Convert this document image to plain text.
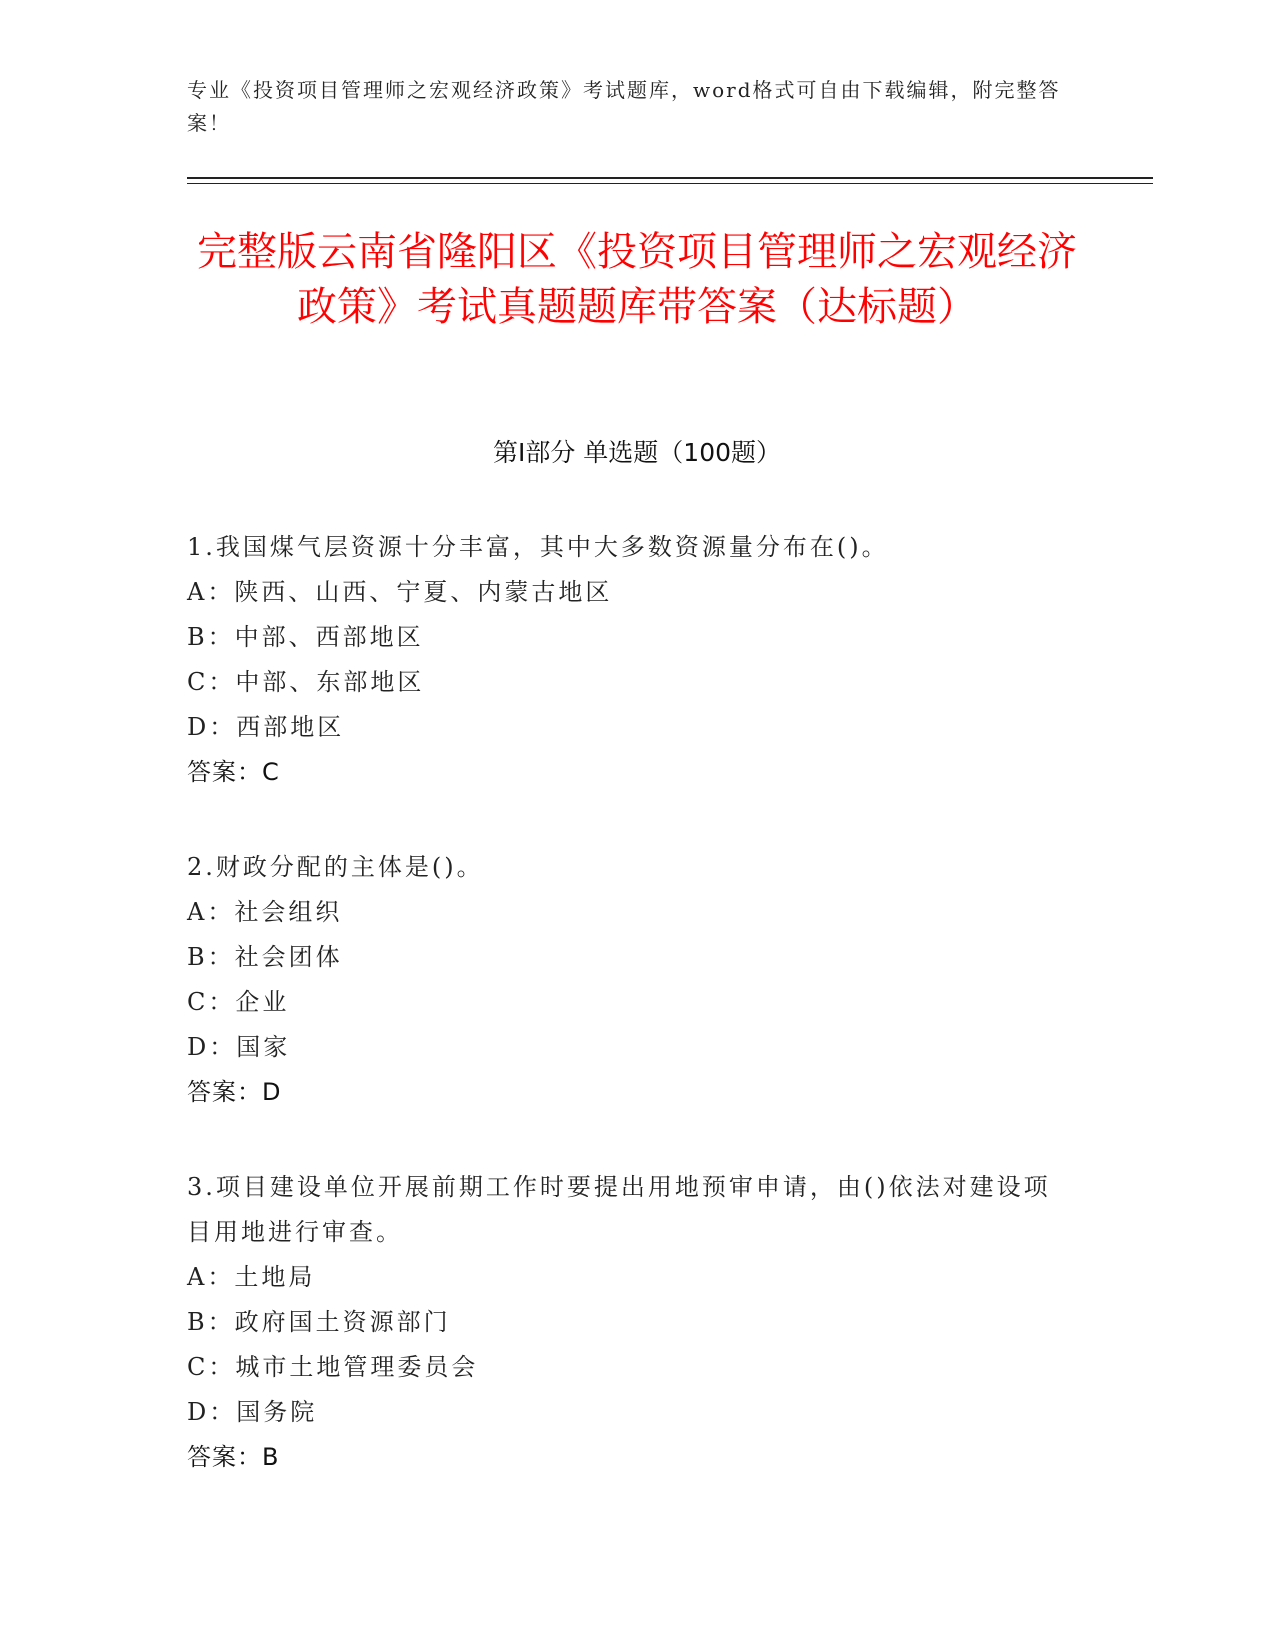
专业《投资项目管理师之宏观经济政策》考试题库，word格式可自由下载编辑，附完整答案！
完整版云南省隆阳区《投资项目管理师之宏观经济政策》考试真题题库带答案（达标题）
第Ⅰ部分 单选题（100题）
1.我国煤气层资源十分丰富，其中大多数资源量分布在()。
A：陕西、山西、宁夏、内蒙古地区
B：中部、西部地区
C：中部、东部地区
D：西部地区
答案：C
2.财政分配的主体是()。
A：社会组织
B：社会团体
C：企业
D：国家
答案：D
3.项目建设单位开展前期工作时要提出用地预审申请，由()依法对建设项目用地进行审查。
A：土地局
B：政府国土资源部门
C：城市土地管理委员会
D：国务院
答案：B
